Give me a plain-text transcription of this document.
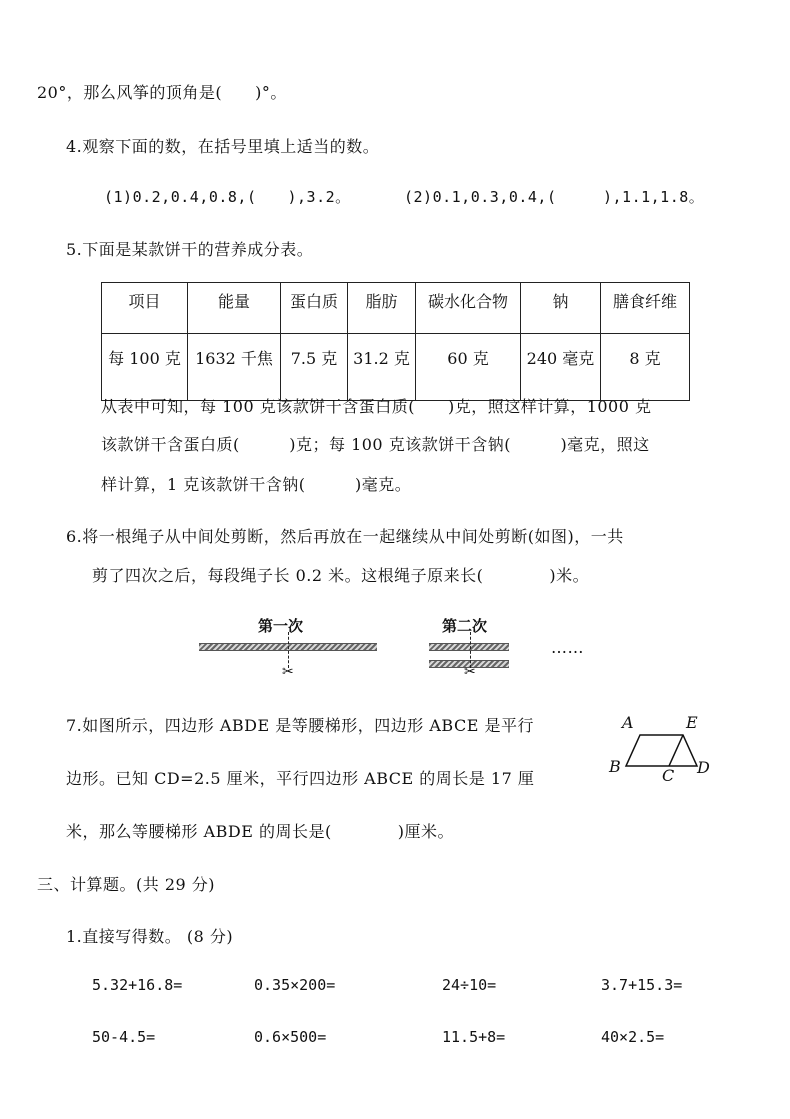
20°，那么风筝的顶角是(　　)°。
4.观察下面的数，在括号里填上适当的数。
(1)0.2,0.4,0.8,(　　),3.2。	(2)0.1,0.3,0.4,(　　　),1.1,1.8。
5.下面是某款饼干的营养成分表。
项目	能量	蛋白质	脂肪	碳水化合物	钠	膳食纤维
每 100 克	1632 千焦	7.5 克	31.2 克	60 克	240 毫克	8 克
从表中可知，每 100 克该款饼干含蛋白质(　　)克，照这样计算，1000 克
该款饼干含蛋白质(　　　)克；每 100 克该款饼干含钠(　　　)毫克，照这
样计算，1 克该款饼干含钠(　　　)毫克。
6.将一根绳子从中间处剪断，然后再放在一起继续从中间处剪断(如图)，一共
剪了四次之后，每段绳子长 0.2 米。这根绳子原来长(　　　　)米。
第一次
✂
第二次
✂
……
7.如图所示，四边形 ABDE 是等腰梯形，四边形 ABCE 是平行
边形。已知 CD=2.5 厘米，平行四边形 ABCE 的周长是 17 厘
米，那么等腰梯形 ABDE 的周长是(　　　　)厘米。
A	E
B	C D
三、计算题。(共 29 分)
1.直接写得数。 (8 分)
5.32+16.8=	0.35×200=	24÷10=	3.7+15.3=
50-4.5=	0.6×500=	11.5+8=	40×2.5=
